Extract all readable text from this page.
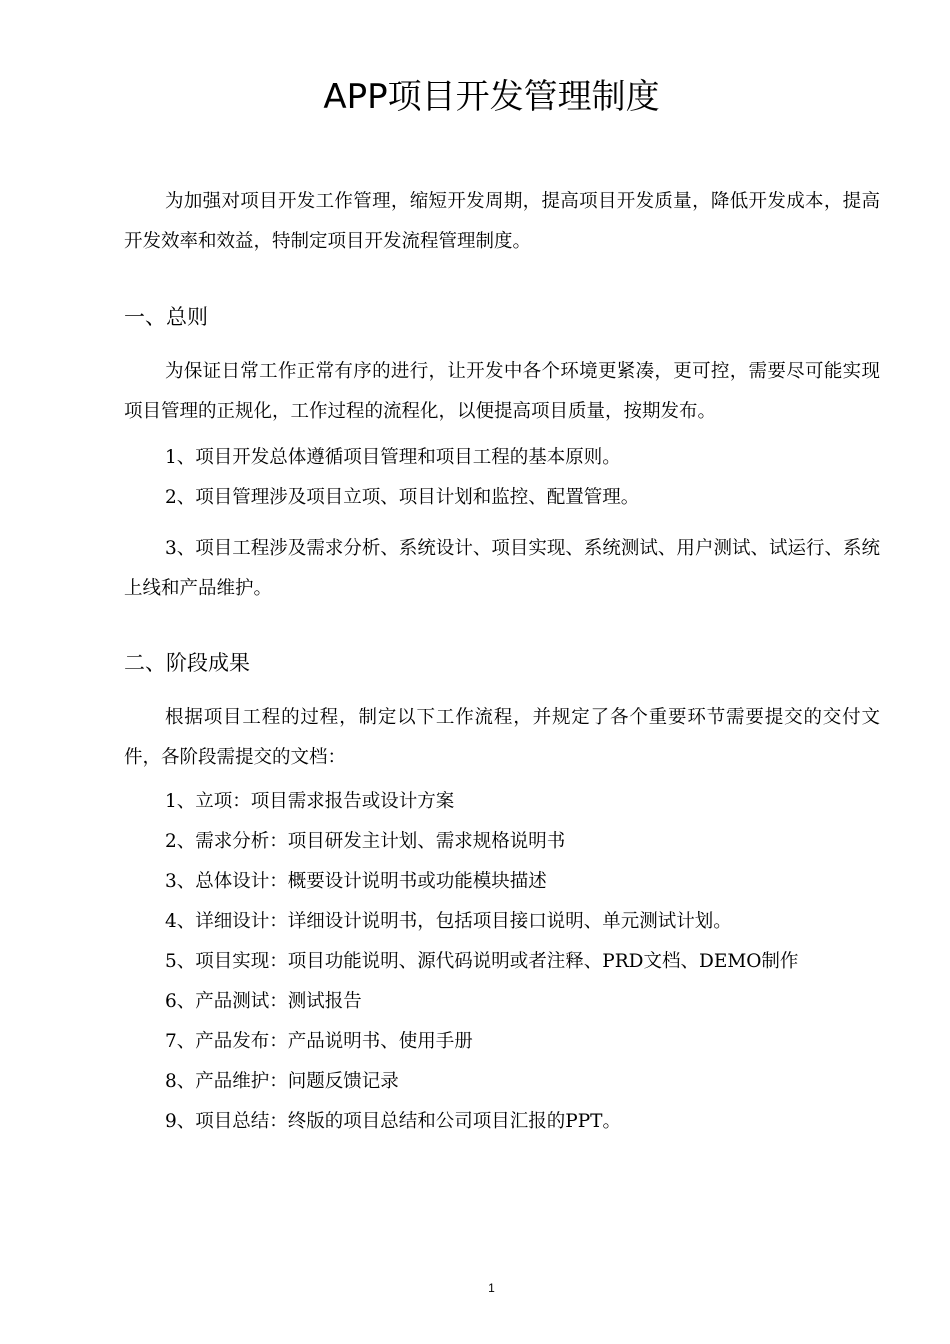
APP项目开发管理制度

为加强对项目开发工作管理，缩短开发周期，提高项目开发质量，降低开发成本，提高开发效率和效益，特制定项目开发流程管理制度。

一、总则

为保证日常工作正常有序的进行，让开发中各个环境更紧凑，更可控，需要尽可能实现项目管理的正规化，工作过程的流程化，以便提高项目质量，按期发布。

1、项目开发总体遵循项目管理和项目工程的基本原则。
2、项目管理涉及项目立项、项目计划和监控、配置管理。

3、项目工程涉及需求分析、系统设计、项目实现、系统测试、用户测试、试运行、系统上线和产品维护。

二、阶段成果

根据项目工程的过程，制定以下工作流程，并规定了各个重要环节需要提交的交付文件，各阶段需提交的文档：

1、立项：项目需求报告或设计方案
2、需求分析：项目研发主计划、需求规格说明书
3、总体设计：概要设计说明书或功能模块描述
4、详细设计：详细设计说明书，包括项目接口说明、单元测试计划。
5、项目实现：项目功能说明、源代码说明或者注释、PRD文档、DEMO制作
6、产品测试：测试报告
7、产品发布：产品说明书、使用手册
8、产品维护：问题反馈记录
9、项目总结：终版的项目总结和公司项目汇报的PPT。
1
